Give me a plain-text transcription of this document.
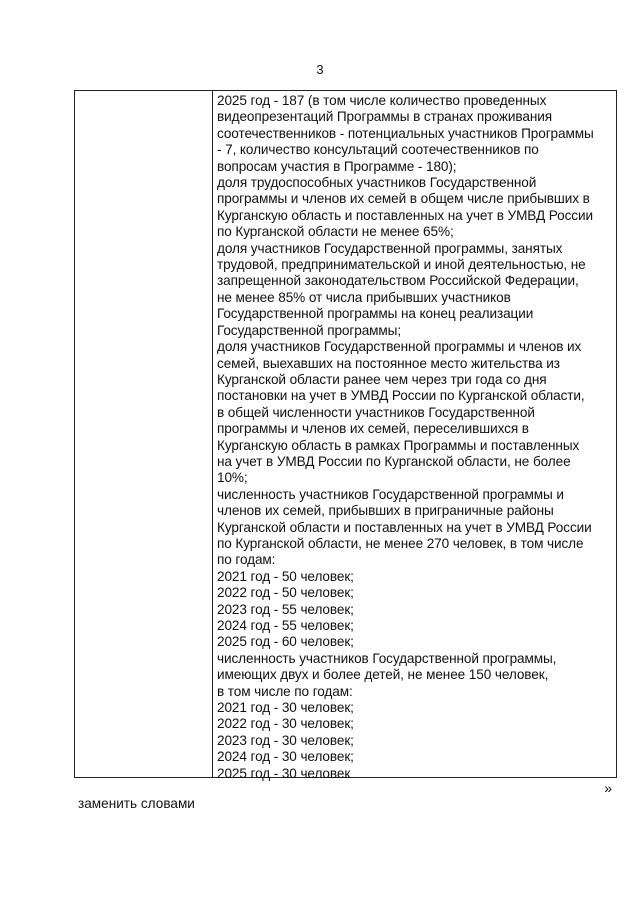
3
2025 год - 187 (в том числе количество проведенных
видеопрезентаций Программы в странах проживания
соотечественников - потенциальных участников Программы
- 7, количество консультаций соотечественников по
вопросам участия в Программе - 180);
доля трудоспособных участников Государственной
программы и членов их семей в общем числе прибывших в
Курганскую область и поставленных на учет в УМВД России
по Курганской области не менее 65%;
доля участников Государственной программы, занятых
трудовой, предпринимательской и иной деятельностью, не
запрещенной законодательством Российской Федерации,
не менее 85% от числа прибывших участников
Государственной программы на конец реализации
Государственной программы;
доля участников Государственной программы и членов их
семей, выехавших на постоянное место жительства из
Курганской области ранее чем через три года со дня
постановки на учет в УМВД России по Курганской области,
в общей численности участников Государственной
программы и членов их семей, переселившихся в
Курганскую область в рамках Программы и поставленных
на учет в УМВД России по Курганской области, не более
10%;
численность участников Государственной программы и
членов их семей, прибывших в приграничные районы
Курганской области и поставленных на учет в УМВД России
по Курганской области, не менее 270 человек, в том числе
по годам:
2021 год - 50 человек;
2022 год - 50 человек;
2023 год - 55 человек;
2024 год - 55 человек;
2025 год - 60 человек;
численность участников Государственной программы,
имеющих двух и более детей, не менее 150 человек,
в том числе по годам:
2021 год - 30 человек;
2022 год - 30 человек;
2023 год - 30 человек;
2024 год - 30 человек;
2025 год - 30 человек
»
заменить словами
